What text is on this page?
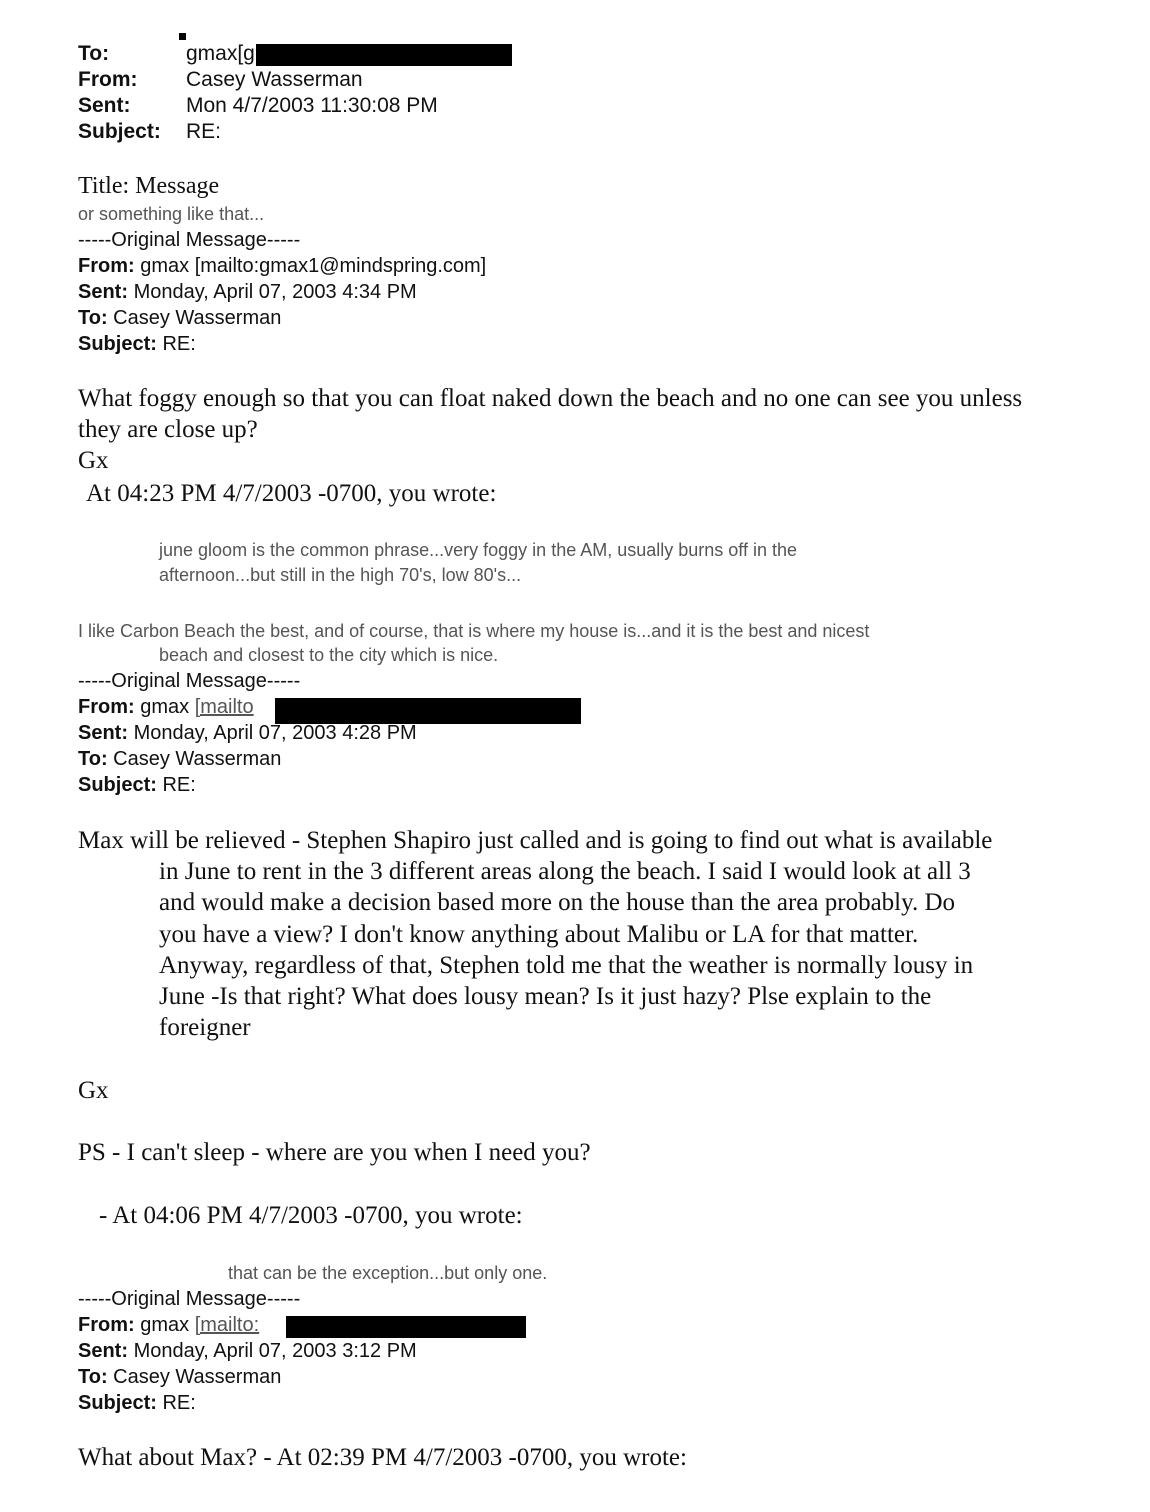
To:	gmax[g
From: Casey Wasserman
Sent:	Mon 4/7/2003 11:30:08 PM
Subject: RE:
Title: Message
or something like that...
-----Original Message-----
From: gmax [mailto:gmax1@mindspring.com]
Sent: Monday, April 07, 2003 4:34 PM
To: Casey Wasserman
Subject: RE:
What foggy enough so that you can float naked down the beach and no one can see you unless
they are close up?
Gx
At 04:23 PM 4/7/2003 -0700, you wrote:
june gloom is the common phrase...very foggy in the AM, usually burns off in the
afternoon...but still in the high 70's, low 80's...
I like Carbon Beach the best, and of course, that is where my house is...and it is the best and nicest
beach and closest to the city which is nice.
-----Original Message-----
From: gmax [mailto
Sent: Monday, April 07, 2003 4:28 PM
To: Casey Wasserman
Subject: RE:
Max will be relieved - Stephen Shapiro just called and is going to find out what is available
in June to rent in the 3 different areas along the beach. I said I would look at all 3
and would make a decision based more on the house than the area probably. Do
you have a view? I don't know anything about Malibu or LA for that matter.
Anyway, regardless of that, Stephen told me that the weather is normally lousy in
June -Is that right? What does lousy mean? Is it just hazy? Plse explain to the
foreigner
Gx
PS - I can't sleep - where are you when I need you?
- At 04:06 PM 4/7/2003 -0700, you wrote:
that can be the exception...but only one.
-----Original Message-----
From: gmax [mailto:
Sent: Monday, April 07, 2003 3:12 PM
To: Casey Wasserman
Subject: RE:
What about Max? - At 02:39 PM 4/7/2003 -0700, you wrote:
